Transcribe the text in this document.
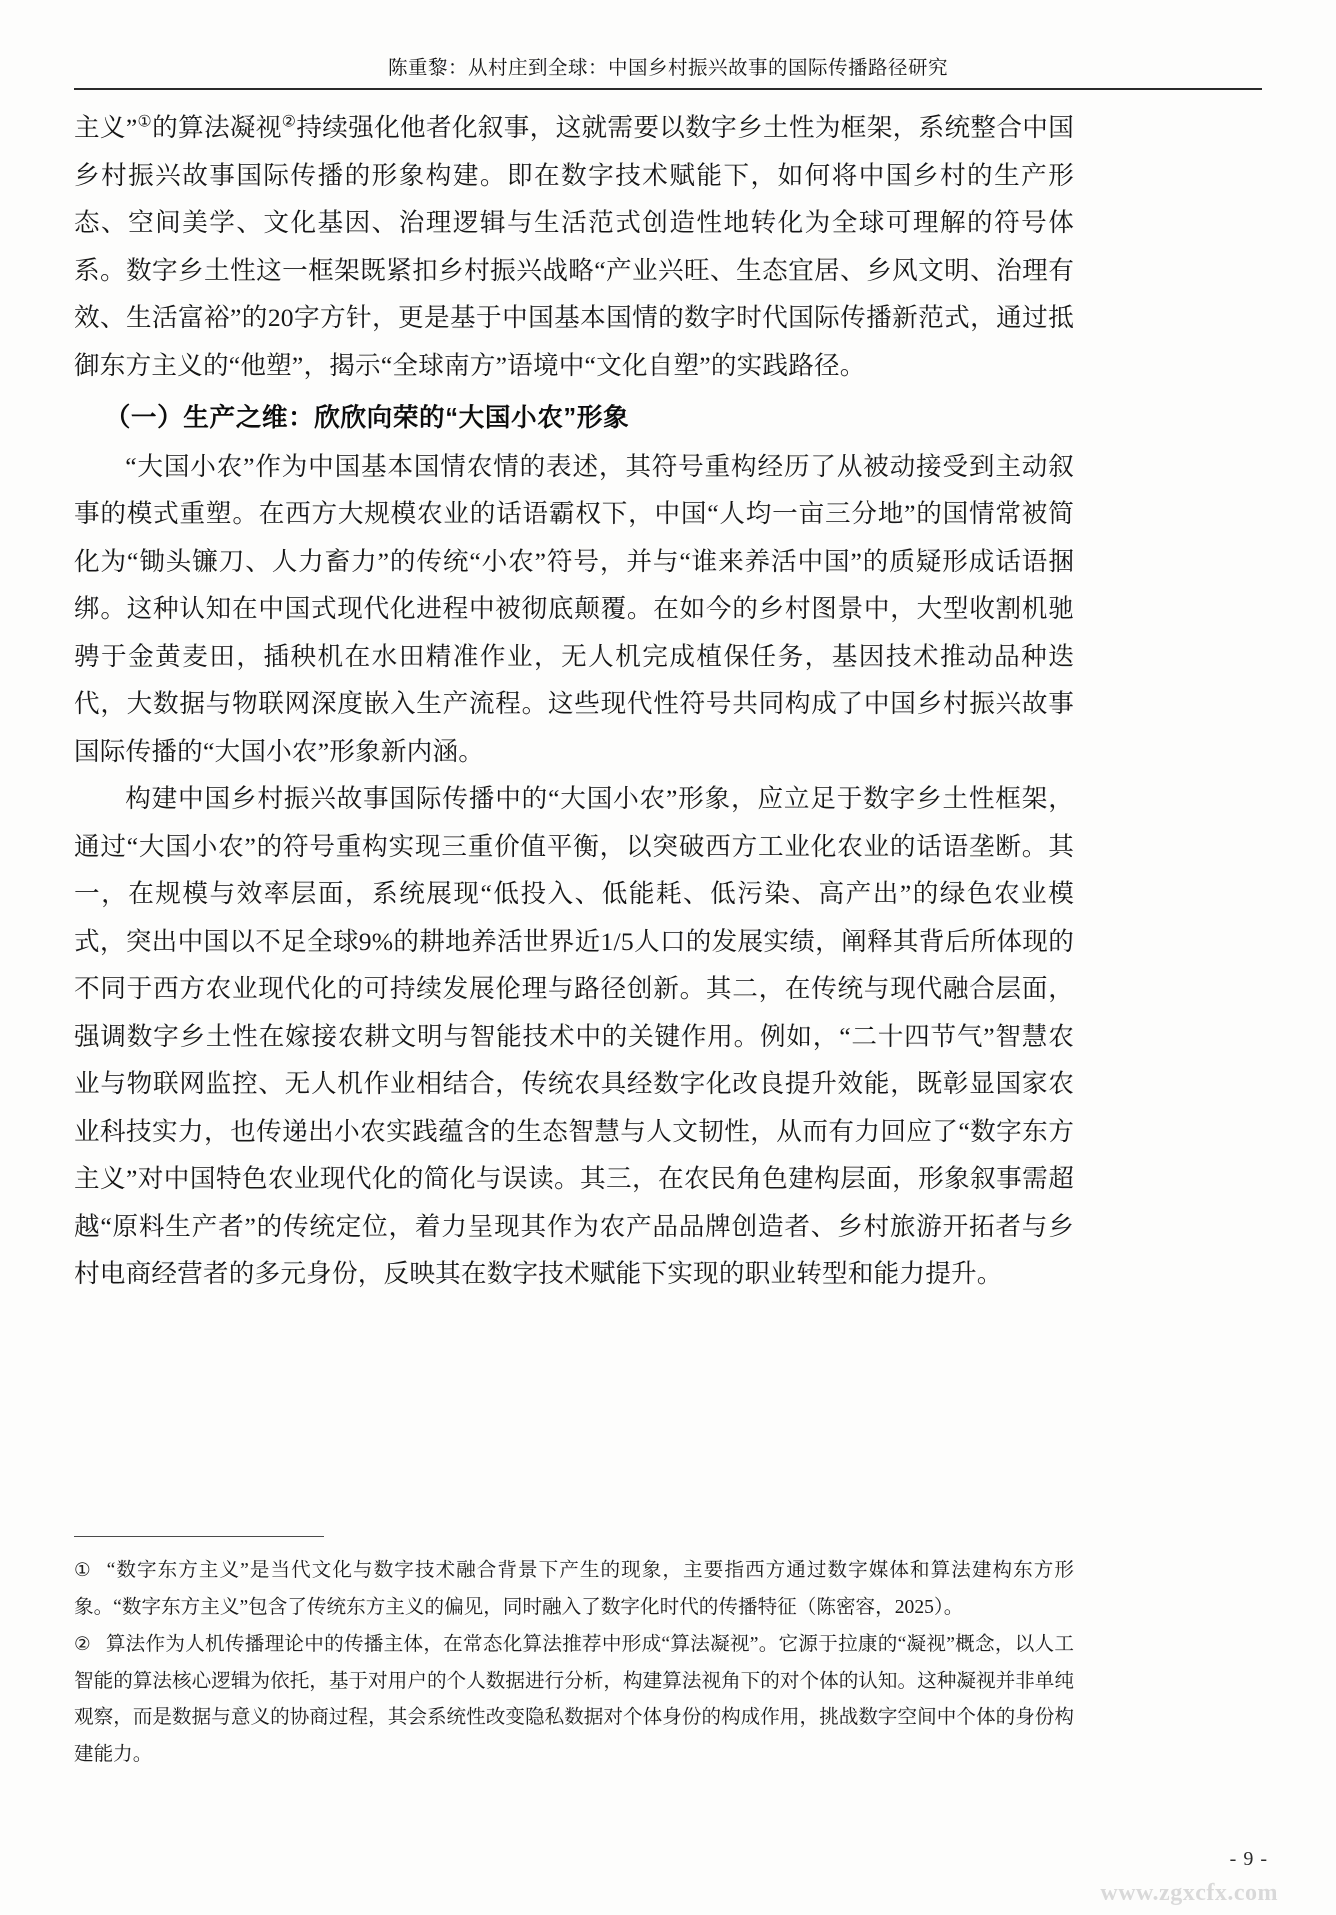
陈重黎：从村庄到全球：中国乡村振兴故事的国际传播路径研究

主义”①的算法凝视②持续强化他者化叙事，这就需要以数字乡土性为框架，系统整合中国乡村振兴故事国际传播的形象构建。即在数字技术赋能下，如何将中国乡村的生产形态、空间美学、文化基因、治理逻辑与生活范式创造性地转化为全球可理解的符号体系。数字乡土性这一框架既紧扣乡村振兴战略“产业兴旺、生态宜居、乡风文明、治理有效、生活富裕”的20字方针，更是基于中国基本国情的数字时代国际传播新范式，通过抵御东方主义的“他塑”，揭示“全球南方”语境中“文化自塑”的实践路径。

（一）生产之维：欣欣向荣的“大国小农”形象

“大国小农”作为中国基本国情农情的表述，其符号重构经历了从被动接受到主动叙事的模式重塑。在西方大规模农业的话语霸权下，中国“人均一亩三分地”的国情常被简化为“锄头镰刀、人力畜力”的传统“小农”符号，并与“谁来养活中国”的质疑形成话语捆绑。这种认知在中国式现代化进程中被彻底颠覆。在如今的乡村图景中，大型收割机驰骋于金黄麦田，插秧机在水田精准作业，无人机完成植保任务，基因技术推动品种迭代，大数据与物联网深度嵌入生产流程。这些现代性符号共同构成了中国乡村振兴故事国际传播的“大国小农”形象新内涵。

构建中国乡村振兴故事国际传播中的“大国小农”形象，应立足于数字乡土性框架，通过“大国小农”的符号重构实现三重价值平衡，以突破西方工业化农业的话语垄断。其一，在规模与效率层面，系统展现“低投入、低能耗、低污染、高产出”的绿色农业模式，突出中国以不足全球9%的耕地养活世界近1/5人口的发展实绩，阐释其背后所体现的不同于西方农业现代化的可持续发展伦理与路径创新。其二，在传统与现代融合层面，强调数字乡土性在嫁接农耕文明与智能技术中的关键作用。例如，“二十四节气”智慧农业与物联网监控、无人机作业相结合，传统农具经数字化改良提升效能，既彰显国家农业科技实力，也传递出小农实践蕴含的生态智慧与人文韧性，从而有力回应了“数字东方主义”对中国特色农业现代化的简化与误读。其三，在农民角色建构层面，形象叙事需超越“原料生产者”的传统定位，着力呈现其作为农产品品牌创造者、乡村旅游开拓者与乡村电商经营者的多元身份，反映其在数字技术赋能下实现的职业转型和能力提升。

① “数字东方主义”是当代文化与数字技术融合背景下产生的现象，主要指西方通过数字媒体和算法建构东方形象。“数字东方主义”包含了传统东方主义的偏见，同时融入了数字化时代的传播特征（陈密容，2025）。

② 算法作为人机传播理论中的传播主体，在常态化算法推荐中形成“算法凝视”。它源于拉康的“凝视”概念，以人工智能的算法核心逻辑为依托，基于对用户的个人数据进行分析，构建算法视角下的对个体的认知。这种凝视并非单纯观察，而是数据与意义的协商过程，其会系统性改变隐私数据对个体身份的构成作用，挑战数字空间中个体的身份构建能力。

- 9 -
www.zgxcfx.com
